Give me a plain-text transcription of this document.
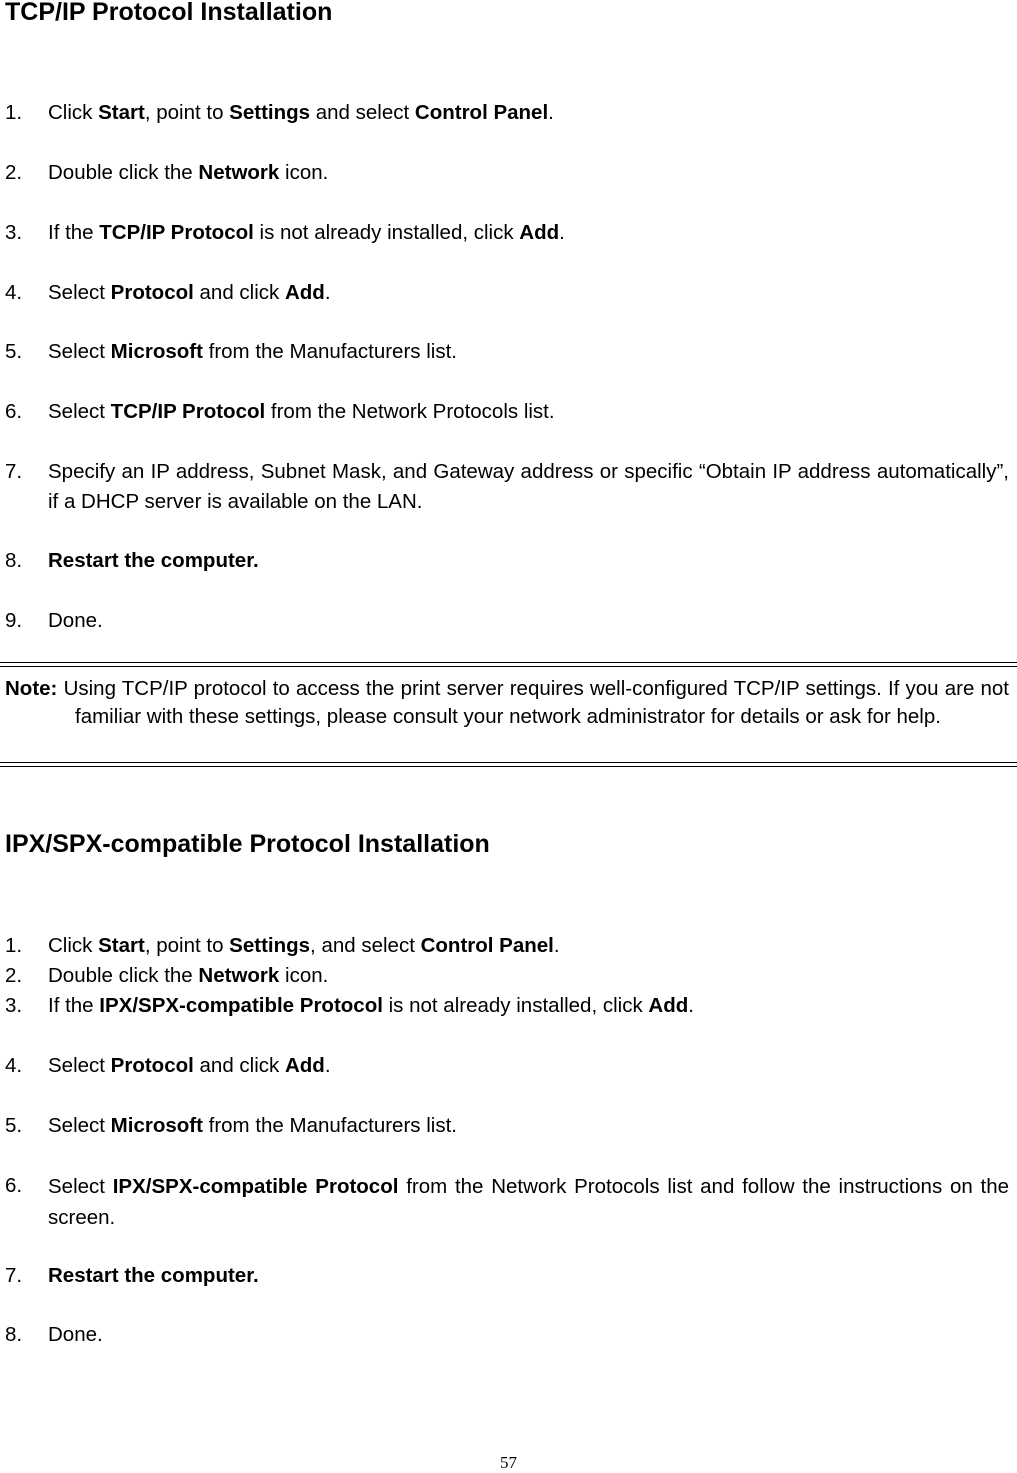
TCP/IP Protocol Installation
1. Click Start, point to Settings and select Control Panel.
2. Double click the Network icon.
3. If the TCP/IP Protocol is not already installed, click Add.
4. Select Protocol and click Add.
5. Select Microsoft from the Manufacturers list.
6. Select TCP/IP Protocol from the Network Protocols list.
7. Specify an IP address, Subnet Mask, and Gateway address or specific “Obtain IP address automatically”, if a DHCP server is available on the LAN.
8. Restart the computer.
9. Done.
Note: Using TCP/IP protocol to access the print server requires well-configured TCP/IP settings. If you are not familiar with these settings, please consult your network administrator for details or ask for help.
IPX/SPX-compatible Protocol Installation
1. Click Start, point to Settings, and select Control Panel.
2. Double click the Network icon.
3. If the IPX/SPX-compatible Protocol is not already installed, click Add.
4. Select Protocol and click Add.
5. Select Microsoft from the Manufacturers list.
6. Select IPX/SPX-compatible Protocol from the Network Protocols list and follow the instructions on the screen.
7. Restart the computer.
8. Done.
57
